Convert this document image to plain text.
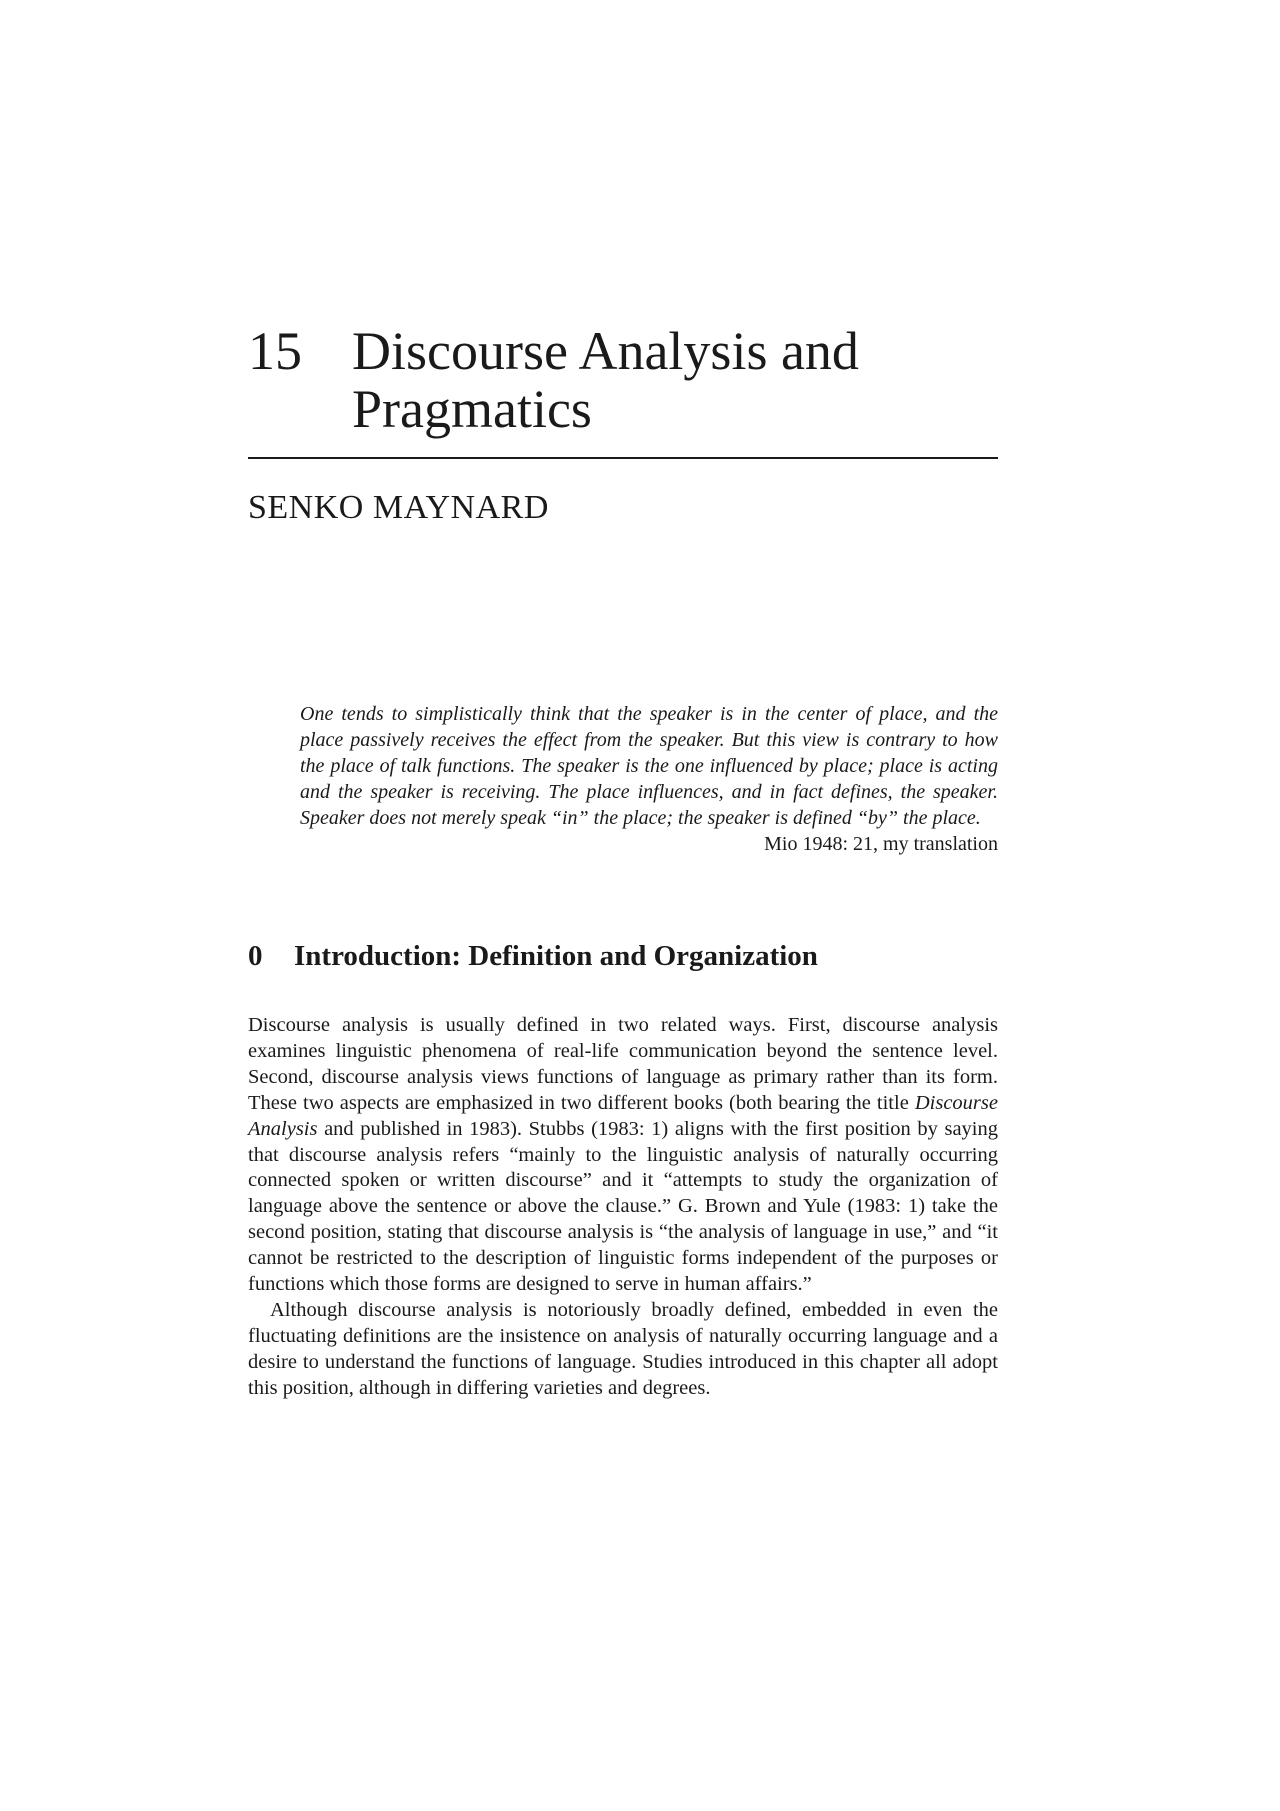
15 Discourse Analysis and
Pragmatics
SENKO MAYNARD

One tends to simplistically think that the speaker is in the center of place, and the place passively receives the effect from the speaker. But this view is contrary to how the place of talk functions. The speaker is the one influenced by place; place is acting and the speaker is receiving. The place influences, and in fact defines, the speaker. Speaker does not merely speak “in” the place; the speaker is defined “by” the place.

Mio 1948: 21, my translation

0 Introduction: Definition and Organization

Discourse analysis is usually defined in two related ways. First, discourse analysis examines linguistic phenomena of real-life communication beyond the sentence level. Second, discourse analysis views functions of language as primary rather than its form. These two aspects are emphasized in two different books (both bearing the title Discourse Analysis and published in 1983). Stubbs (1983: 1) aligns with the first position by saying that discourse analysis refers “mainly to the linguistic analysis of naturally occurring connected spoken or written discourse” and it “attempts to study the organization of language above the sentence or above the clause.” G. Brown and Yule (1983: 1) take the second position, stating that discourse analysis is “the analysis of language in use,” and “it cannot be restricted to the description of linguistic forms independent of the purposes or functions which those forms are designed to serve in human affairs.”

Although discourse analysis is notoriously broadly defined, embedded in even the fluctuating definitions are the insistence on analysis of naturally occurring language and a desire to understand the functions of language. Studies introduced in this chapter all adopt this position, although in differing varieties and degrees.
